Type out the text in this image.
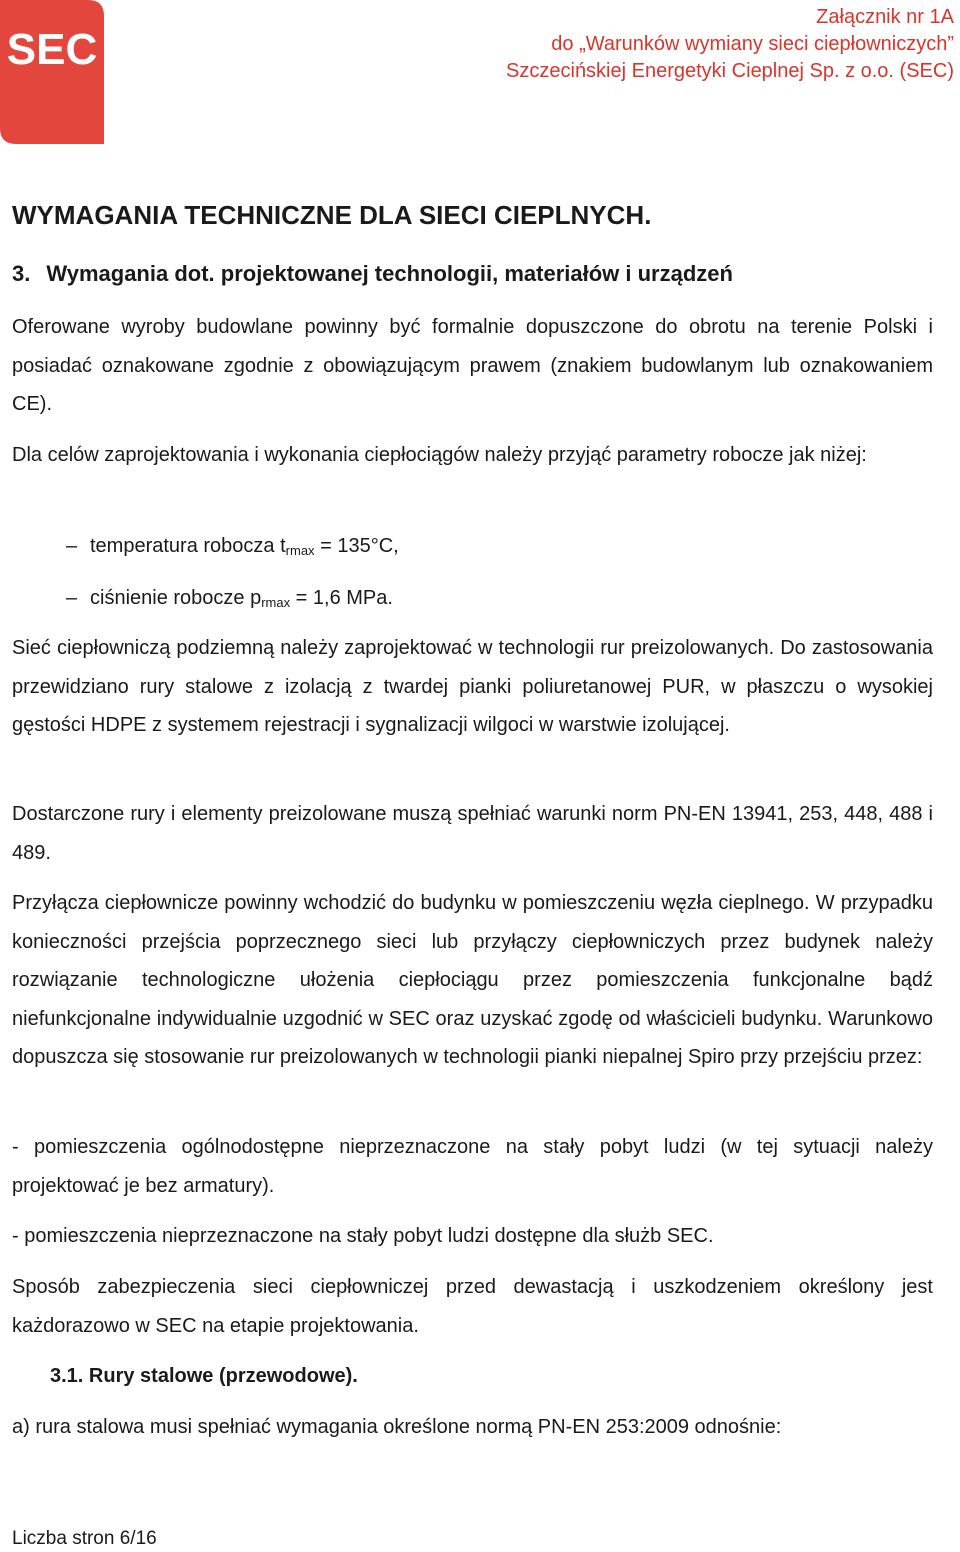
SEC
Załącznik nr 1A
do „Warunków wymiany sieci ciepłowniczych”
Szczecińskiej Energetyki Cieplnej Sp. z o.o. (SEC)
WYMAGANIA TECHNICZNE DLA SIECI CIEPLNYCH.
3. Wymagania dot. projektowanej technologii, materiałów i urządzeń

Oferowane wyroby budowlane powinny być formalnie dopuszczone do obrotu na terenie Polski i posiadać oznakowane zgodnie z obowiązującym prawem (znakiem budowlanym lub oznakowaniem CE).

Dla celów zaprojektowania i wykonania ciepłociągów należy przyjąć parametry robocze jak niżej:

– temperatura robocza $t_{rmax} = 135^\circ C$,

– ciśnienie robocze $p_{rmax} = 1,6$ MPa.

Sieć ciepłowniczą podziemną należy zaprojektować w technologii rur preizolowanych. Do zastosowania przewidziano rury stalowe z izolacją z twardej pianki poliuretanowej PUR, w płaszczu o wysokiej gęstości HDPE z systemem rejestracji i sygnalizacji wilgoci w warstwie izolującej.

Dostarczone rury i elementy preizolowane muszą spełniać warunki norm PN-EN 13941, 253, 448, 488 i 489.

Przyłącza ciepłownicze powinny wchodzić do budynku w pomieszczeniu węzła cieplnego. W przypadku konieczności przejścia poprzecznego sieci lub przyłączy ciepłowniczych przez budynek należy rozwiązanie technologiczne ułożenia ciepłociągu przez pomieszczenia funkcjonalne bądź niefunkcjonalne indywidualnie uzgodnić w SEC oraz uzyskać zgodę od właścicieli budynku. Warunkowo dopuszcza się stosowanie rur preizolowanych w technologii pianki niepalnej Spiro przy przejściu przez:

- pomieszczenia ogólnodostępne nieprzeznaczone na stały pobyt ludzi (w tej sytuacji należy projektować je bez armatury).

- pomieszczenia nieprzeznaczone na stały pobyt ludzi dostępne dla służb SEC.

Sposób zabezpieczenia sieci ciepłowniczej przed dewastacją i uszkodzeniem określony jest każdorazowo w SEC na etapie projektowania.

3.1. Rury stalowe (przewodowe).

a) rura stalowa musi spełniać wymagania określone normą PN-EN 253:2009 odnośnie:

Liczba stron 6/16
